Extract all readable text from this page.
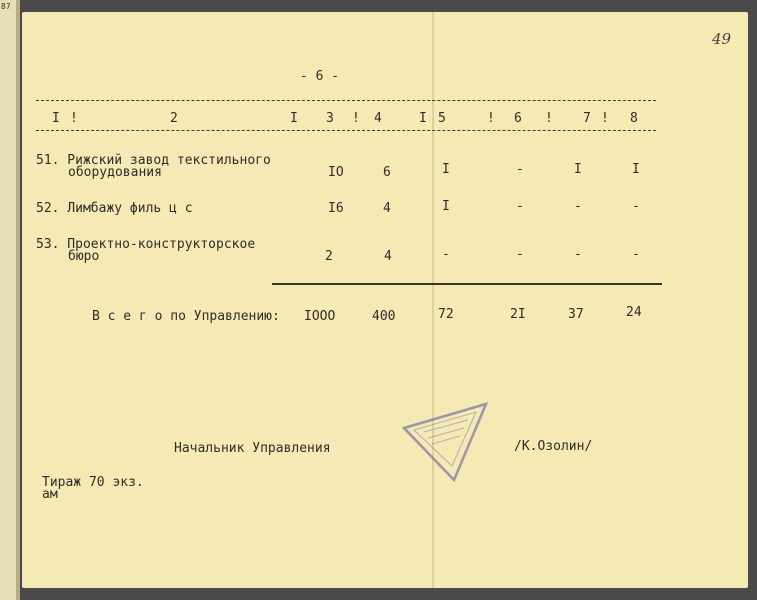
87
49
- 6 -
I !	2	I 3 ! 4	I 5	! 6 ! 7 ! 8
51. Рижский завод текстильного
оборудования	IO	6	I	-	I	I
52. Лимбажу филь ц с	I6	4	I	-	-	-
53. Проектно-конструкторское
бюро	2	4	-	-	-	-
В с е г о по Управлению: IOOO	400	72	2I	37	24
Начальник Управления	/К.Озолин/
Тираж 70 экз.
ам
